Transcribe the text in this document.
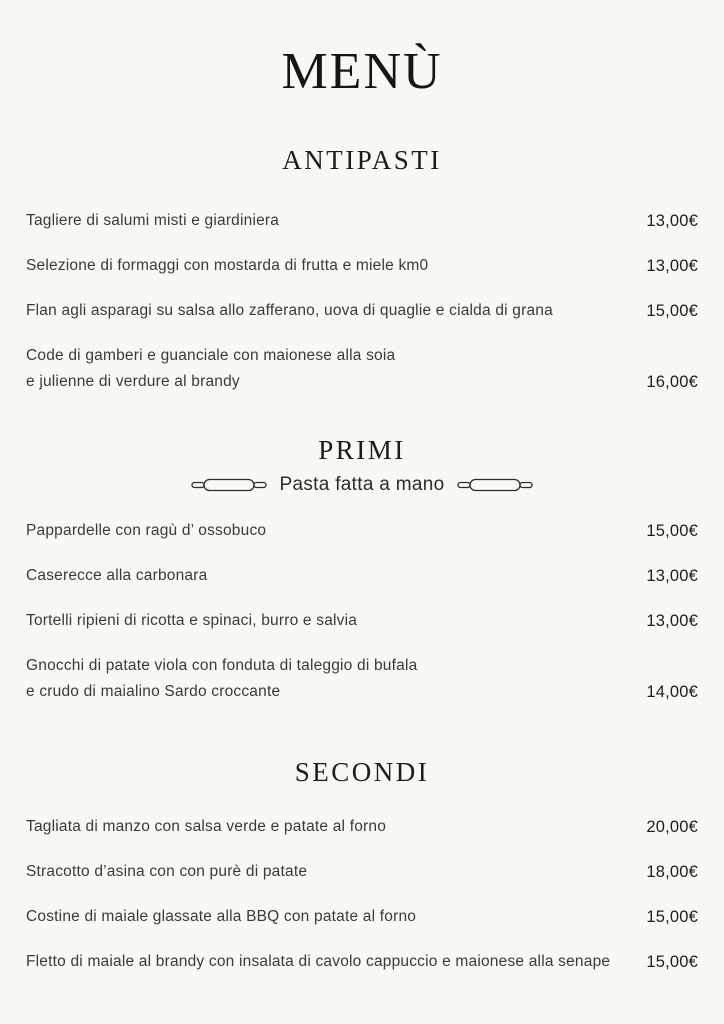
MENÙ
ANTIPASTI
Tagliere di salumi misti e giardiniera	13,00€
Selezione di formaggi con mostarda di frutta e miele km0	13,00€
Flan agli asparagi su salsa allo zafferano, uova di quaglie e cialda di grana	15,00€
Code di gamberi e guanciale con maionese alla soia
e julienne di verdure al brandy	16,00€
PRIMI
Pasta fatta a mano
Pappardelle con ragù d’ ossobuco	15,00€
Caserecce alla carbonara	13,00€
Tortelli ripieni di ricotta e spinaci, burro e salvia	13,00€
Gnocchi di patate viola con fonduta di taleggio di bufala
e crudo di maialino Sardo croccante	14,00€
SECONDI
Tagliata di manzo con salsa verde e patate al forno	20,00€
Stracotto d’asina con con purè di patate	18,00€
Costine di maiale glassate alla BBQ con patate al forno	15,00€
Fletto di maiale al brandy con insalata di cavolo cappuccio e maionese alla senape	15,00€
